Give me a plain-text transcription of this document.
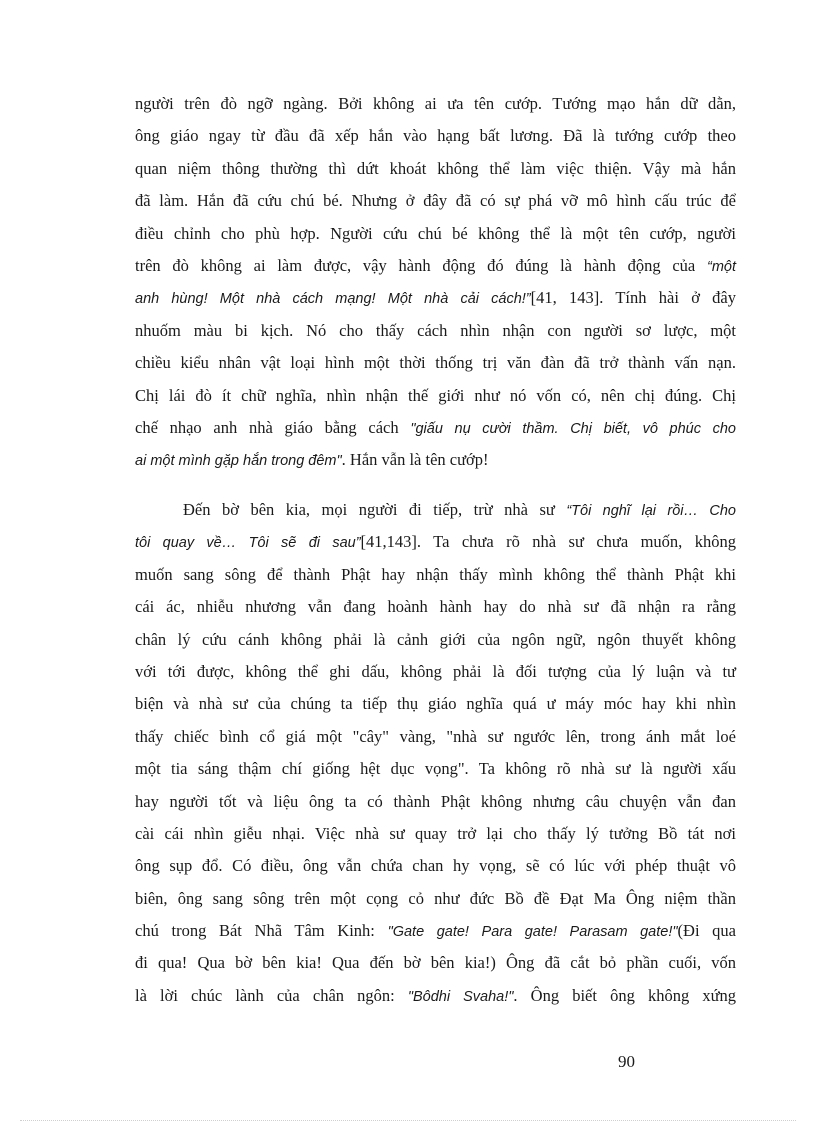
người trên đò ngỡ ngàng. Bởi không ai ưa tên cướp. Tướng mạo hắn dữ dằn,
ông giáo ngay từ đầu đã xếp hắn vào hạng bất lương. Đã là tướng cướp theo
quan niệm thông thường thì dứt khoát không thể làm việc thiện. Vậy mà hắn
đã làm. Hắn đã cứu chú bé. Nhưng ở đây đã có sự phá vỡ mô hình cấu trúc để
điều chỉnh cho phù hợp. Người cứu chú bé không thể là một tên cướp, người
trên đò không ai làm được, vậy hành động đó đúng là hành động của “một
anh hùng! Một nhà cách mạng! Một nhà cải cách!”[41, 143]. Tính hài ở đây
nhuốm màu bi kịch. Nó cho thấy cách nhìn nhận con người sơ lược, một
chiều kiểu nhân vật loại hình một thời thống trị văn đàn đã trở thành vấn nạn.
Chị lái đò ít chữ nghĩa, nhìn nhận thế giới như nó vốn có, nên chị đúng. Chị
chế nhạo anh nhà giáo bằng cách "giấu nụ cười thầm. Chị biết, vô phúc cho
ai một mình gặp hắn trong đêm". Hắn vẫn là tên cướp!
Đến bờ bên kia, mọi người đi tiếp, trừ nhà sư “Tôi nghĩ lại rồi… Cho
tôi quay về… Tôi sẽ đi sau”[41,143]. Ta chưa rõ nhà sư chưa muốn, không
muốn sang sông để thành Phật hay nhận thấy mình không thể thành Phật khi
cái ác, nhiễu nhương vẫn đang hoành hành hay do nhà sư đã nhận ra rằng
chân lý cứu cánh không phải là cảnh giới của ngôn ngữ, ngôn thuyết không
với tới được, không thể ghi dấu, không phải là đối tượng của lý luận và tư
biện và nhà sư của chúng ta tiếp thụ giáo nghĩa quá ư máy móc hay khi nhìn
thấy chiếc bình cổ giá một "cây" vàng, "nhà sư ngước lên, trong ánh mắt loé
một tia sáng thậm chí giống hệt dục vọng". Ta không rõ nhà sư là người xấu
hay người tốt và liệu ông ta có thành Phật không nhưng câu chuyện vẫn đan
cài cái nhìn giễu nhại. Việc nhà sư quay trở lại cho thấy lý tưởng Bồ tát nơi
ông sụp đổ. Có điều, ông vẫn chứa chan hy vọng, sẽ có lúc với phép thuật vô
biên, ông sang sông trên một cọng cỏ như đức Bồ đề Đạt Ma Ông niệm thần
chú trong Bát Nhã Tâm Kinh: "Gate gate! Para gate! Parasam gate!"(Đi qua
đi qua! Qua bờ bên kia! Qua đến bờ bên kia!) Ông đã cắt bỏ phần cuối, vốn
là lời chúc lành của chân ngôn: "Bôdhi Svaha!". Ông biết ông không xứng
90
